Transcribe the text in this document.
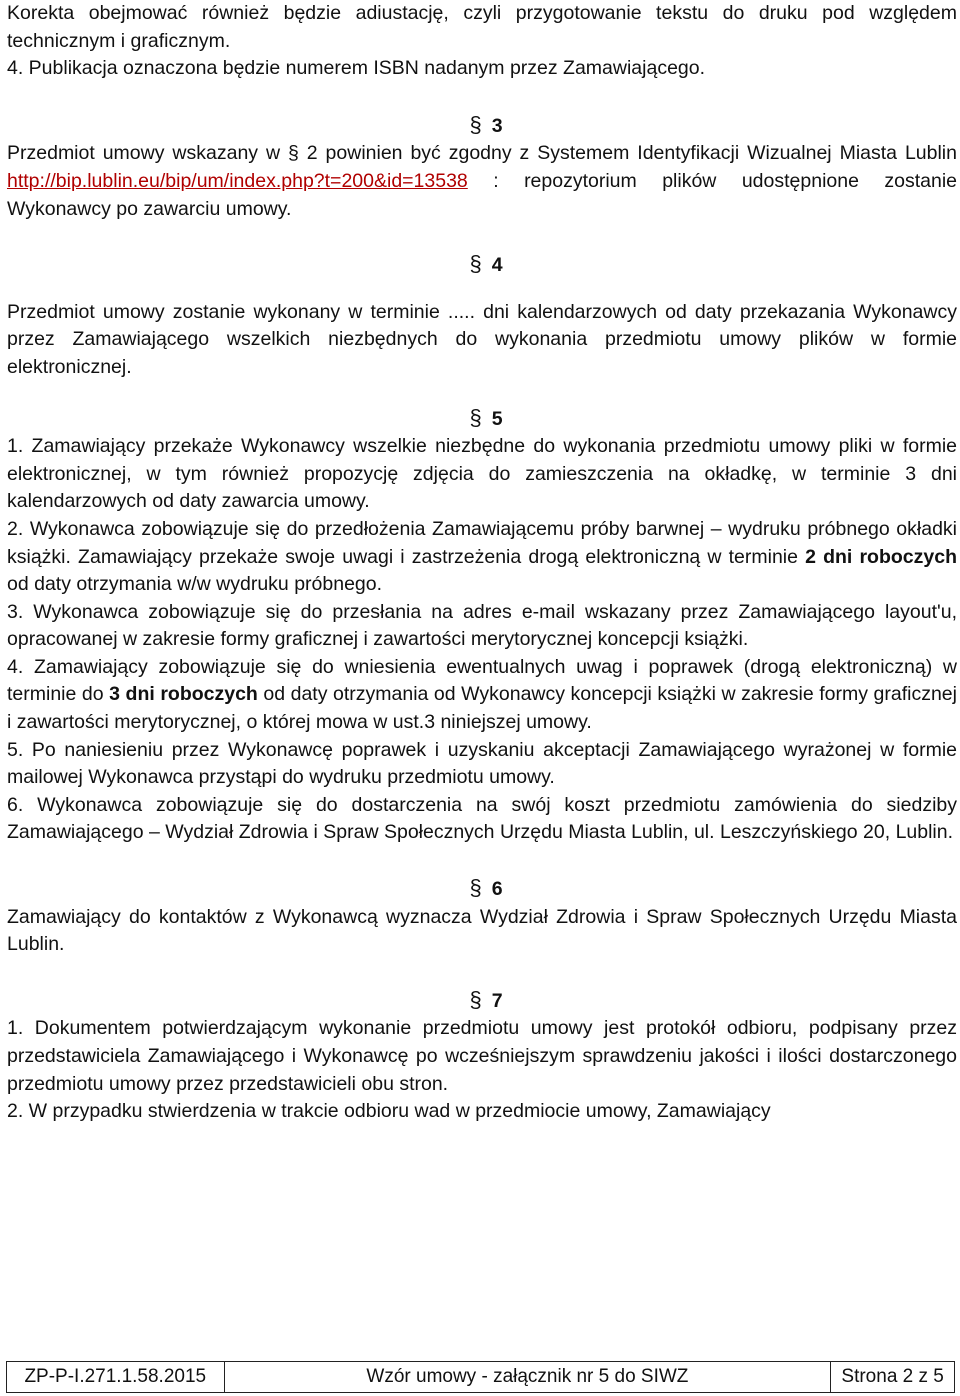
Korekta obejmować również będzie adiustację, czyli przygotowanie tekstu do druku pod względem technicznym i graficznym.

4. Publikacja oznaczona będzie numerem ISBN nadanym przez Zamawiającego.

§ 3

Przedmiot umowy wskazany w § 2 powinien być zgodny z Systemem Identyfikacji Wizualnej Miasta Lublin http://bip.lublin.eu/bip/um/index.php?t=200&id=13538 : repozytorium plików udostępnione zostanie Wykonawcy po zawarciu umowy.

§ 4

Przedmiot umowy zostanie wykonany w terminie ..... dni kalendarzowych od daty przekazania Wykonawcy przez Zamawiającego wszelkich niezbędnych do wykonania przedmiotu umowy plików w formie elektronicznej.

§ 5

1. Zamawiający przekaże Wykonawcy wszelkie niezbędne do wykonania przedmiotu umowy pliki w formie elektronicznej, w tym również propozycję zdjęcia do zamieszczenia na okładkę, w terminie 3 dni kalendarzowych od daty zawarcia umowy.

2. Wykonawca zobowiązuje się do przedłożenia Zamawiającemu próby barwnej – wydruku próbnego okładki książki. Zamawiający przekaże swoje uwagi i zastrzeżenia drogą elektroniczną w terminie 2 dni roboczych od daty otrzymania w/w wydruku próbnego.

3. Wykonawca zobowiązuje się do przesłania na adres e-mail wskazany przez Zamawiającego layout'u, opracowanej w zakresie formy graficznej i zawartości merytorycznej koncepcji książki.

4. Zamawiający zobowiązuje się do wniesienia ewentualnych uwag i poprawek (drogą elektroniczną) w terminie do 3 dni roboczych od daty otrzymania od Wykonawcy koncepcji książki w zakresie formy graficznej i zawartości merytorycznej, o której mowa w ust.3 niniejszej umowy.

5. Po naniesieniu przez Wykonawcę poprawek i uzyskaniu akceptacji Zamawiającego wyrażonej w formie mailowej Wykonawca przystąpi do wydruku przedmiotu umowy.

6. Wykonawca zobowiązuje się do dostarczenia na swój koszt przedmiotu zamówienia do siedziby Zamawiającego – Wydział Zdrowia i Spraw Społecznych Urzędu Miasta Lublin, ul. Leszczyńskiego 20, Lublin.

§ 6

Zamawiający do kontaktów z Wykonawcą wyznacza Wydział Zdrowia i Spraw Społecznych Urzędu Miasta Lublin.

§ 7

1. Dokumentem potwierdzającym wykonanie przedmiotu umowy jest protokół odbioru, podpisany przez przedstawiciela Zamawiającego i Wykonawcę po wcześniejszym sprawdzeniu jakości i ilości dostarczonego przedmiotu umowy przez przedstawicieli obu stron.

2. W przypadku stwierdzenia w trakcie odbioru wad w przedmiocie umowy, Zamawiający

ZP-P-I.271.1.58.2015	Wzór umowy - załącznik nr 5 do SIWZ	Strona 2 z 5
